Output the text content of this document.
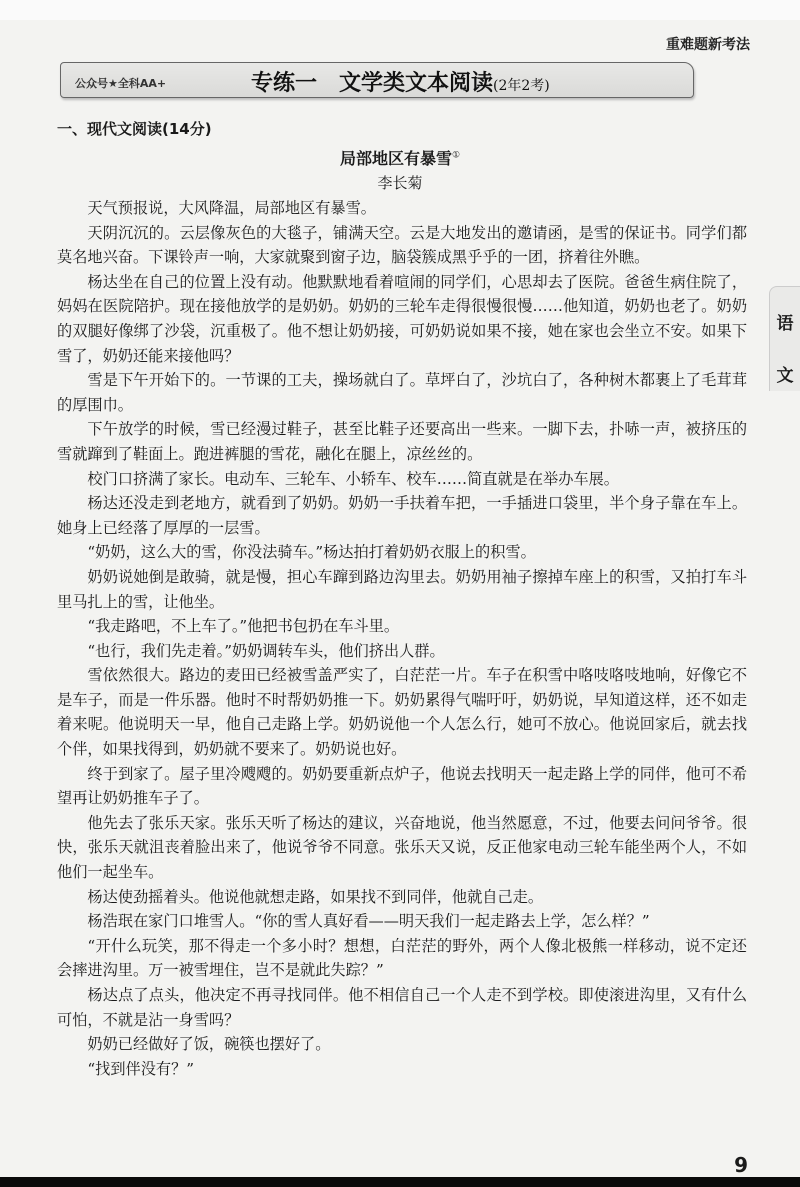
重难题新考法
公众号★全科AA+	专练一　文学类文本阅读(2年2考)
一、现代文阅读(14分)
局部地区有暴雪①
李长菊

天气预报说，大风降温，局部地区有暴雪。

天阴沉沉的。云层像灰色的大毯子，铺满天空。云是大地发出的邀请函，是雪的保证书。同学们都莫名地兴奋。下课铃声一响，大家就聚到窗子边，脑袋簇成黑乎乎的一团，挤着往外瞧。

杨达坐在自己的位置上没有动。他默默地看着喧闹的同学们，心思却去了医院。爸爸生病住院了，妈妈在医院陪护。现在接他放学的是奶奶。奶奶的三轮车走得很慢很慢……他知道，奶奶也老了。奶奶的双腿好像绑了沙袋，沉重极了。他不想让奶奶接，可奶奶说如果不接，她在家也会坐立不安。如果下雪了，奶奶还能来接他吗？

雪是下午开始下的。一节课的工夫，操场就白了。草坪白了，沙坑白了，各种树木都裹上了毛茸茸的厚围巾。

下午放学的时候，雪已经漫过鞋子，甚至比鞋子还要高出一些来。一脚下去，扑哧一声，被挤压的雪就蹿到了鞋面上。跑进裤腿的雪花，融化在腿上，凉丝丝的。

校门口挤满了家长。电动车、三轮车、小轿车、校车……简直就是在举办车展。

杨达还没走到老地方，就看到了奶奶。奶奶一手扶着车把，一手插进口袋里，半个身子靠在车上。她身上已经落了厚厚的一层雪。

“奶奶，这么大的雪，你没法骑车。”杨达拍打着奶奶衣服上的积雪。

奶奶说她倒是敢骑，就是慢，担心车蹿到路边沟里去。奶奶用袖子擦掉车座上的积雪，又拍打车斗里马扎上的雪，让他坐。

“我走路吧，不上车了。”他把书包扔在车斗里。

“也行，我们先走着。”奶奶调转车头，他们挤出人群。

雪依然很大。路边的麦田已经被雪盖严实了，白茫茫一片。车子在积雪中咯吱咯吱地响，好像它不是车子，而是一件乐器。他时不时帮奶奶推一下。奶奶累得气喘吁吁，奶奶说，早知道这样，还不如走着来呢。他说明天一早，他自己走路上学。奶奶说他一个人怎么行，她可不放心。他说回家后，就去找个伴，如果找得到，奶奶就不要来了。奶奶说也好。

终于到家了。屋子里冷飕飕的。奶奶要重新点炉子，他说去找明天一起走路上学的同伴，他可不希望再让奶奶推车子了。

他先去了张乐天家。张乐天听了杨达的建议，兴奋地说，他当然愿意，不过，他要去问问爷爷。很快，张乐天就沮丧着脸出来了，他说爷爷不同意。张乐天又说，反正他家电动三轮车能坐两个人，不如他们一起坐车。

杨达使劲摇着头。他说他就想走路，如果找不到同伴，他就自己走。

杨浩珉在家门口堆雪人。“你的雪人真好看——明天我们一起走路去上学，怎么样？”

“开什么玩笑，那不得走一个多小时？想想，白茫茫的野外，两个人像北极熊一样移动，说不定还会摔进沟里。万一被雪埋住，岂不是就此失踪？”

杨达点了点头，他决定不再寻找同伴。他不相信自己一个人走不到学校。即使滚进沟里，又有什么可怕，不就是沾一身雪吗？

奶奶已经做好了饭，碗筷也摆好了。

“找到伴没有？”

语
文
9
